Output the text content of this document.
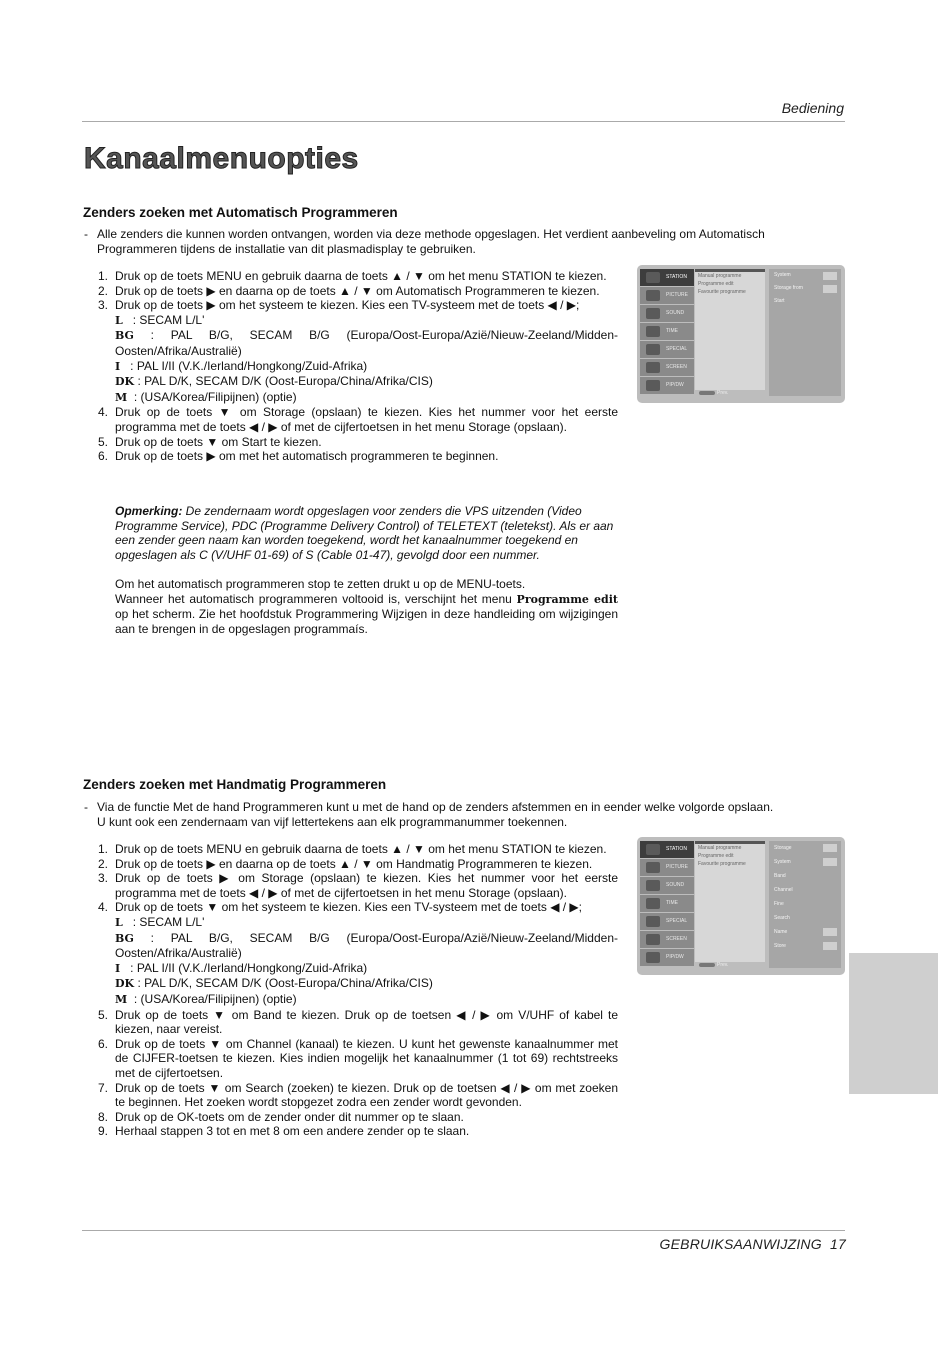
Bediening
Kanaalmenuopties
Zenders zoeken met Automatisch Programmeren

- Alle zenders die kunnen worden ontvangen, worden via deze methode opgeslagen. Het verdient aanbeveling om Automatisch Programmeren tijdens de installatie van dit plasmadisplay te gebruiken.

1. Druk op de toets MENU en gebruik daarna de toets ▲ / ▼ om het menu STATION te kiezen.
2. Druk op de toets ▶ en daarna op de toets ▲ / ▼ om Automatisch Programmeren te kiezen.
3. Druk op de toets ▶ om het systeem te kiezen. Kies een TV-systeem met de toets ◀ / ▶;
L : SECAM L/L'
BG : PAL B/G, SECAM B/G (Europa/Oost-Europa/Azië/Nieuw-Zeeland/Midden-Oosten/Afrika/Australië)
I : PAL I/II (V.K./Ierland/Hongkong/Zuid-Afrika)
DK : PAL D/K, SECAM D/K (Oost-Europa/China/Afrika/CIS)
M : (USA/Korea/Filipijnen) (optie)
4. Druk op de toets ▼ om Storage (opslaan) te kiezen. Kies het nummer voor het eerste programma met de toets ◀ / ▶ of met de cijfertoetsen in het menu Storage (opslaan).
5. Druk op de toets ▼ om Start te kiezen.
6. Druk op de toets ▶ om met het automatisch programmeren te beginnen.

Opmerking: De zendernaam wordt opgeslagen voor zenders die VPS uitzenden (Video Programme Service), PDC (Programme Delivery Control) of TELETEXT (teletekst). Als er aan een zender geen naam kan worden toegekend, wordt het kanaalnummer toegekend en opgeslagen als C (V/UHF 01-69) of S (Cable 01-47), gevolgd door een nummer.

Om het automatisch programmeren stop te zetten drukt u op de MENU-toets.
Wanneer het automatisch programmeren voltooid is, verschijnt het menu Programme edit op het scherm. Zie het hoofdstuk Programmering Wijzigen in deze handleiding om wijzigingen aan te brengen in de opgeslagen programmaís.

STATION
PICTURE
SOUND
TIME
SPECIAL
SCREEN
PIP/DW
Manual programme
Programme edit
Favourite programme
Prev.
System
Storage from
Start
Zenders zoeken met Handmatig Programmeren

- Via de functie Met de hand Programmeren kunt u met de hand op de zenders afstemmen en in eender welke volgorde opslaan. U kunt ook een zendernaam van vijf lettertekens aan elk programmanummer toekennen.

1. Druk op de toets MENU en gebruik daarna de toets ▲ / ▼ om het menu STATION te kiezen.
2. Druk op de toets ▶ en daarna op de toets ▲ / ▼ om Handmatig Programmeren te kiezen.
3. Druk op de toets ▶ om Storage (opslaan) te kiezen. Kies het nummer voor het eerste programma met de toets ◀ / ▶ of met de cijfertoetsen in het menu Storage (opslaan).
4. Druk op de toets ▼ om het systeem te kiezen. Kies een TV-systeem met de toets ◀ / ▶;
L : SECAM L/L'
BG : PAL B/G, SECAM B/G (Europa/Oost-Europa/Azië/Nieuw-Zeeland/Midden-Oosten/Afrika/Australië)
I : PAL I/II (V.K./Ierland/Hongkong/Zuid-Afrika)
DK : PAL D/K, SECAM D/K (Oost-Europa/China/Afrika/CIS)
M : (USA/Korea/Filipijnen) (optie)
5. Druk op de toets ▼ om Band te kiezen. Druk op de toetsen ◀ / ▶ om V/UHF of kabel te kiezen, naar vereist.
6. Druk op de toets ▼ om Channel (kanaal) te kiezen. U kunt het gewenste kanaalnummer met de CIJFER-toetsen te kiezen. Kies indien mogelijk het kanaalnummer (1 tot 69) rechtstreeks met de cijfertoetsen.
7. Druk op de toets ▼ om Search (zoeken) te kiezen. Druk op de toetsen ◀ / ▶ om met zoeken te beginnen. Het zoeken wordt stopgezet zodra een zender wordt gevonden.
8. Druk op de OK-toets om de zender onder dit nummer op te slaan.
9. Herhaal stappen 3 tot en met 8 om een andere zender op te slaan.
STATION
PICTURE
SOUND
TIME
SPECIAL
SCREEN
PIP/DW
Manual programme
Programme edit
Favourite programme
Prev.
Storage
System
Band
Channel
Fine
Search
Name
Store
GEBRUIKSAANWIJZING 17
